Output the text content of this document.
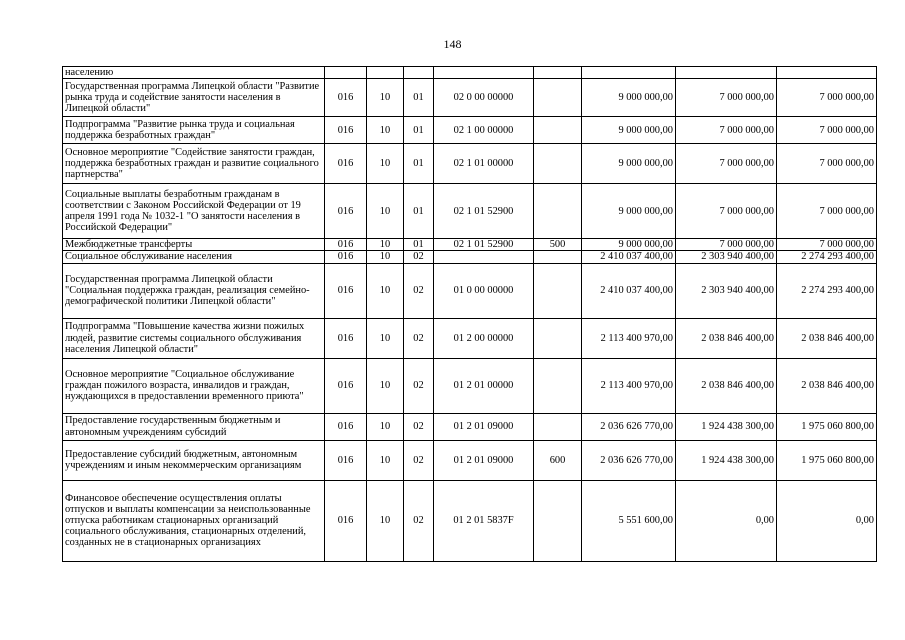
148
населению								
Государственная программа Липецкой области "Развитие рынка труда и содействие занятости населения в Липецкой области"	016	10	01	02 0 00 00000		9 000 000,00	7 000 000,00	7 000 000,00
Подпрограмма "Развитие рынка труда и социальная поддержка безработных граждан"	016	10	01	02 1 00 00000		9 000 000,00	7 000 000,00	7 000 000,00
Основное мероприятие "Содействие занятости граждан, поддержка безработных граждан и развитие социального партнерства"	016	10	01	02 1 01 00000		9 000 000,00	7 000 000,00	7 000 000,00
Социальные выплаты безработным гражданам в соответствии с Законом Российской Федерации от 19 апреля 1991 года № 1032-1 "О занятости населения в Российской Федерации"	016	10	01	02 1 01 52900		9 000 000,00	7 000 000,00	7 000 000,00
Межбюджетные трансферты	016	10	01	02 1 01 52900	500	9 000 000,00	7 000 000,00	7 000 000,00
Социальное обслуживание населения	016	10	02			2 410 037 400,00	2 303 940 400,00	2 274 293 400,00
Государственная программа Липецкой области "Социальная поддержка граждан, реализация семейно-демографической политики Липецкой области"	016	10	02	01 0 00 00000		2 410 037 400,00	2 303 940 400,00	2 274 293 400,00
Подпрограмма "Повышение качества жизни пожилых людей, развитие системы социального обслуживания населения Липецкой области"	016	10	02	01 2 00 00000		2 113 400 970,00	2 038 846 400,00	2 038 846 400,00
Основное мероприятие "Социальное обслуживание граждан пожилого возраста, инвалидов и граждан, нуждающихся в предоставлении временного приюта"	016	10	02	01 2 01 00000		2 113 400 970,00	2 038 846 400,00	2 038 846 400,00
Предоставление государственным бюджетным и автономным учреждениям субсидий	016	10	02	01 2 01 09000		2 036 626 770,00	1 924 438 300,00	1 975 060 800,00
Предоставление субсидий бюджетным, автономным учреждениям и иным некоммерческим организациям	016	10	02	01 2 01 09000	600	2 036 626 770,00	1 924 438 300,00	1 975 060 800,00
Финансовое обеспечение осуществления оплаты отпусков и выплаты компенсации за неиспользованные отпуска работникам стационарных организаций социального обслуживания, стационарных отделений, созданных не в стационарных организациях	016	10	02	01 2 01 5837F		5 551 600,00	0,00	0,00
